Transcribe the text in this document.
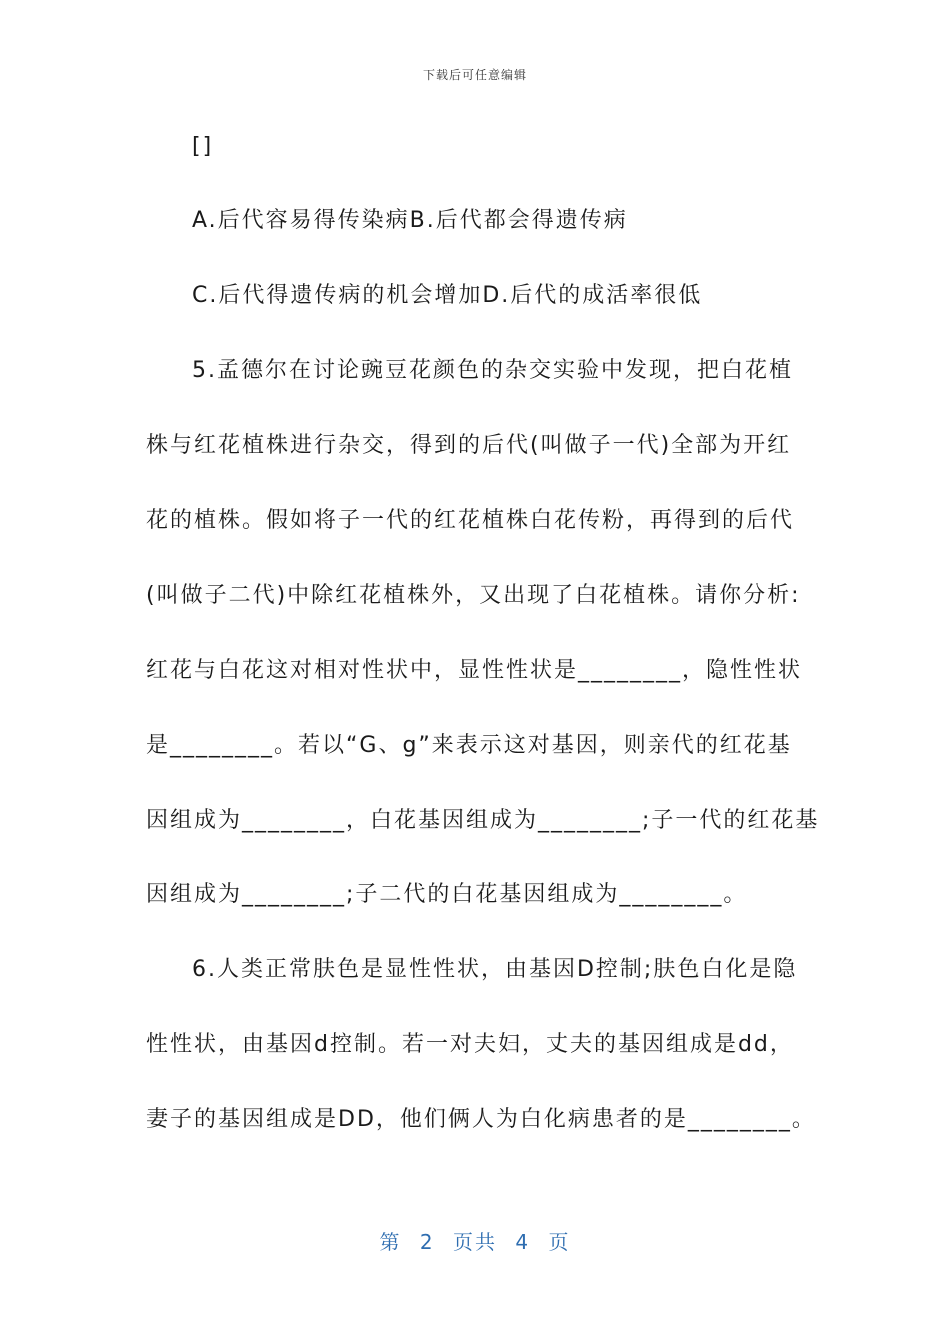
下载后可任意编辑
[]
A.后代容易得传染病B.后代都会得遗传病
C.后代得遗传病的机会增加D.后代的成活率很低
5.孟德尔在讨论豌豆花颜色的杂交实验中发现，把白花植
株与红花植株进行杂交，得到的后代(叫做子一代)全部为开红
花的植株。假如将子一代的红花植株白花传粉，再得到的后代
(叫做子二代)中除红花植株外，又出现了白花植株。请你分析:
红花与白花这对相对性状中，显性性状是________，隐性性状
是________。若以“G、g”来表示这对基因，则亲代的红花基
因组成为________，白花基因组成为________;子一代的红花基
因组成为________;子二代的白花基因组成为________。
6.人类正常肤色是显性性状，由基因D控制;肤色白化是隐
性性状，由基因d控制。若一对夫妇，丈夫的基因组成是dd，
妻子的基因组成是DD，他们俩人为白化病患者的是________。
第 2 页共 4 页
